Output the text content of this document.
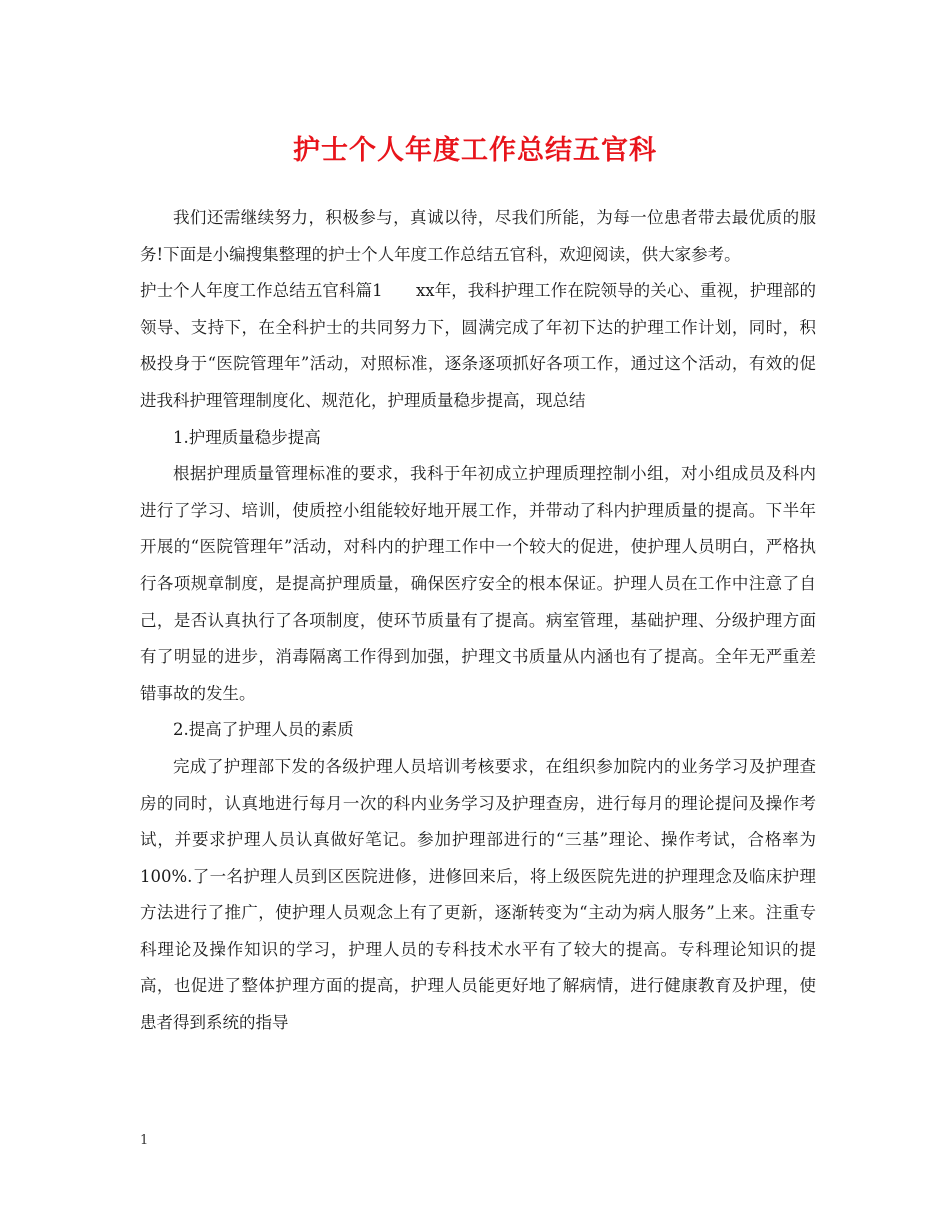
护士个人年度工作总结五官科

我们还需继续努力，积极参与，真诚以待，尽我们所能，为每一位患者带去最优质的服务!下面是小编搜集整理的护士个人年度工作总结五官科，欢迎阅读，供大家参考。

护士个人年度工作总结五官科篇1　　xx年，我科护理工作在院领导的关心、重视，护理部的领导、支持下，在全科护士的共同努力下，圆满完成了年初下达的护理工作计划，同时，积极投身于“医院管理年”活动，对照标准，逐条逐项抓好各项工作，通过这个活动，有效的促进我科护理管理制度化、规范化，护理质量稳步提高，现总结

1.护理质量稳步提高

根据护理质量管理标准的要求，我科于年初成立护理质理控制小组，对小组成员及科内进行了学习、培训，使质控小组能较好地开展工作，并带动了科内护理质量的提高。下半年开展的“医院管理年”活动，对科内的护理工作中一个较大的促进，使护理人员明白，严格执行各项规章制度，是提高护理质量，确保医疗安全的根本保证。护理人员在工作中注意了自己，是否认真执行了各项制度，使环节质量有了提高。病室管理，基础护理、分级护理方面有了明显的进步，消毒隔离工作得到加强，护理文书质量从内涵也有了提高。全年无严重差错事故的发生。

2.提高了护理人员的素质

完成了护理部下发的各级护理人员培训考核要求，在组织参加院内的业务学习及护理查房的同时，认真地进行每月一次的科内业务学习及护理查房，进行每月的理论提问及操作考试，并要求护理人员认真做好笔记。参加护理部进行的“三基”理论、操作考试，合格率为100%.了一名护理人员到区医院进修，进修回来后，将上级医院先进的护理理念及临床护理方法进行了推广，使护理人员观念上有了更新，逐渐转变为“主动为病人服务”上来。注重专科理论及操作知识的学习，护理人员的专科技术水平有了较大的提高。专科理论知识的提高，也促进了整体护理方面的提高，护理人员能更好地了解病情，进行健康教育及护理，使患者得到系统的指导

1
